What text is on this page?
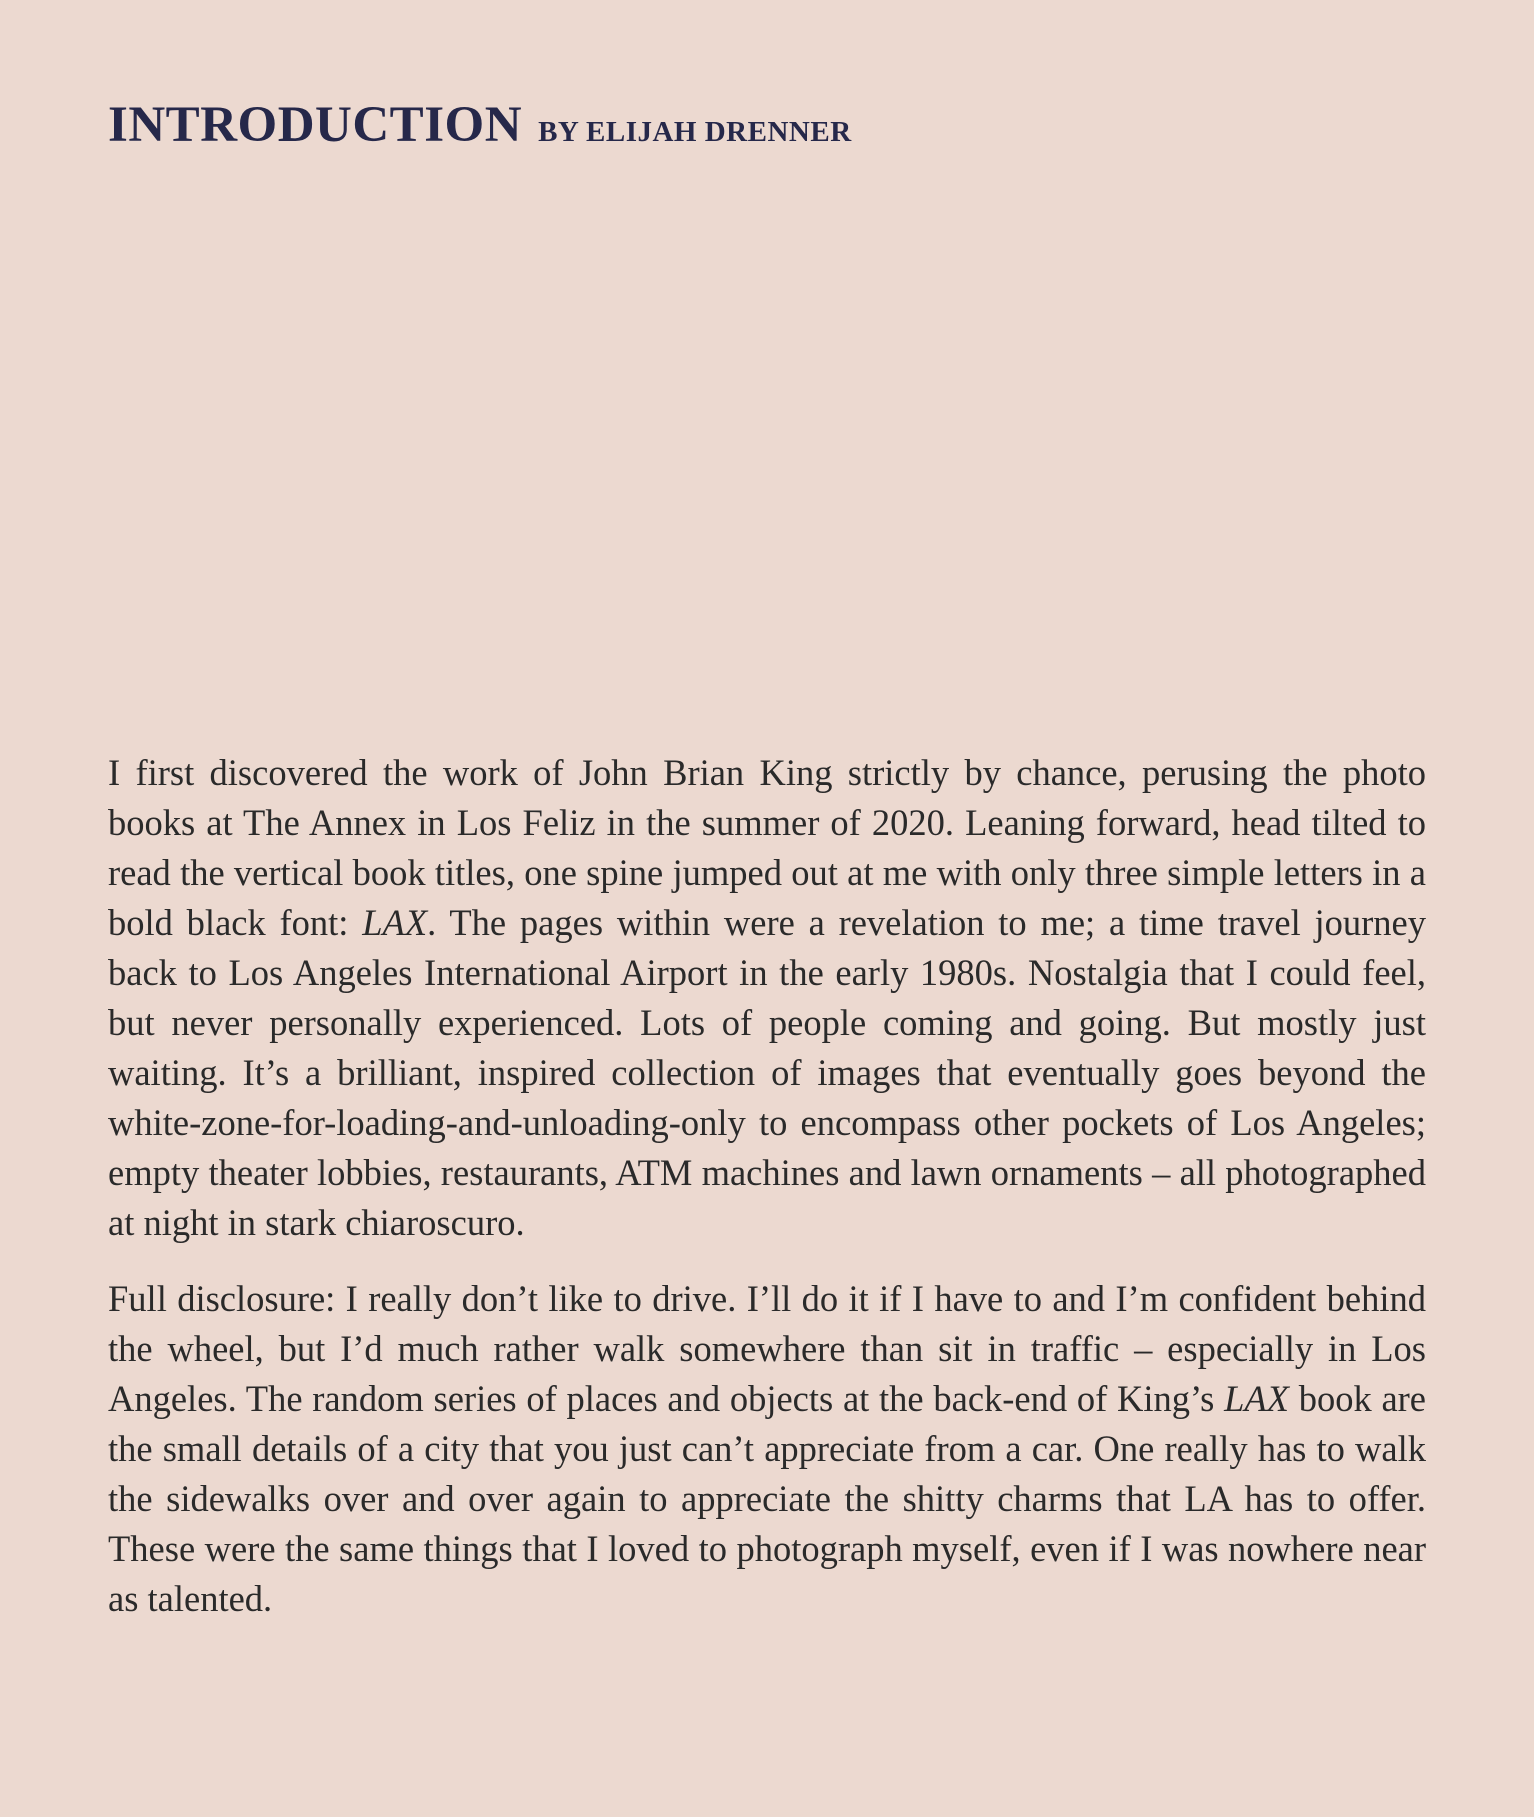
INTRODUCTION BY ELIJAH DRENNER

I first discovered the work of John Brian King strictly by chance, perusing the photo books at The Annex in Los Feliz in the summer of 2020. Leaning forward, head tilted to read the vertical book titles, one spine jumped out at me with only three simple letters in a bold black font: LAX. The pages within were a revelation to me; a time travel journey back to Los Angeles International Airport in the early 1980s. Nostalgia that I could feel, but never personally experienced. Lots of people coming and going. But mostly just waiting. It’s a brilliant, inspired collection of images that eventually goes beyond the white-zone-for-loading-and-unloading-only to encompass other pockets of Los Angeles; empty theater lobbies, restaurants, ATM machines and lawn ornaments – all photographed at night in stark chiaroscuro.

Full disclosure: I really don’t like to drive. I’ll do it if I have to and I’m confident behind the wheel, but I’d much rather walk somewhere than sit in traffic – especially in Los Angeles. The random series of places and objects at the back-end of King’s LAX book are the small details of a city that you just can’t appreciate from a car. One really has to walk the sidewalks over and over again to appreciate the shitty charms that LA has to offer. These were the same things that I loved to photograph myself, even if I was nowhere near as talented.
